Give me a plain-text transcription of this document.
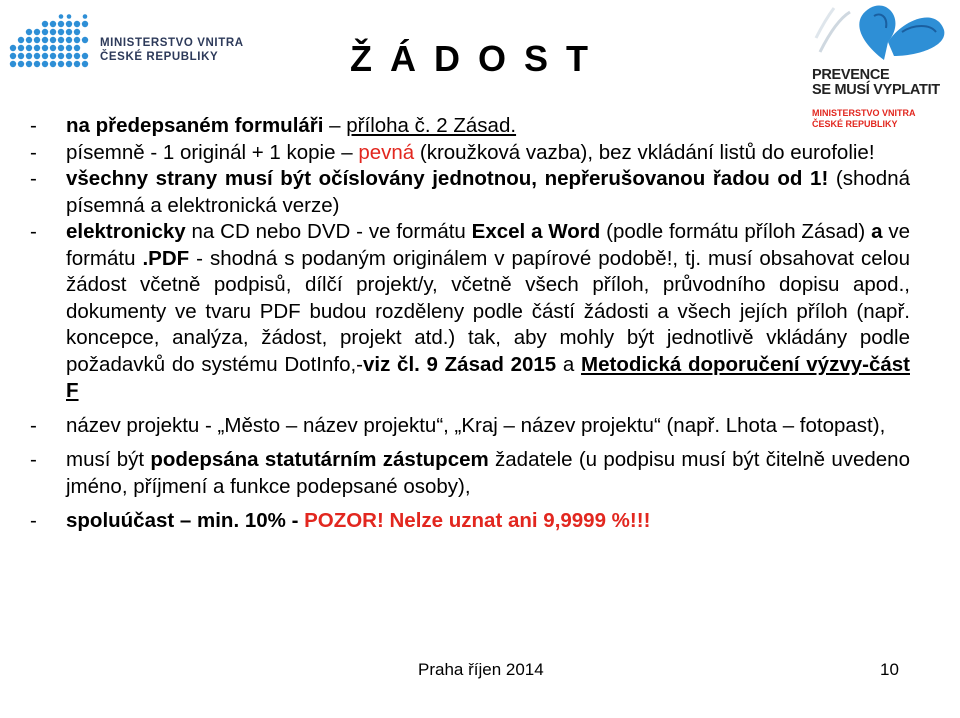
MINISTERSTVO VNITRA
ČESKÉ REPUBLIKY	Ž Á D O S T	PREVENCE
SE MUSÍ VYPLATIT
MINISTERSTVO VNITRA
ČESKÉ REPUBLIKY
- na předepsaném formuláři – příloha č. 2 Zásad.
- písemně - 1 originál + 1 kopie – pevná (kroužková vazba), bez vkládání listů do eurofolie!
- všechny strany musí být očíslovány jednotnou, nepřerušovanou řadou od 1! (shodná písemná a elektronická verze)
- elektronicky na CD nebo DVD - ve formátu Excel a Word (podle formátu příloh Zásad) a ve formátu .PDF - shodná s podaným originálem v papírové podobě!, tj. musí obsahovat celou žádost včetně podpisů, dílčí projekt/y, včetně všech příloh, průvodního dopisu apod., dokumenty ve tvaru PDF budou rozděleny podle částí žádosti a všech jejích příloh (např. koncepce, analýza, žádost, projekt atd.) tak, aby mohly být jednotlivě vkládány podle požadavků do systému DotInfo,-viz čl. 9 Zásad 2015 a Metodická doporučení výzvy-část F
- název projektu - „Město – název projektu“, „Kraj – název projektu“ (např. Lhota – fotopast),
- musí být podepsána statutárním zástupcem žadatele (u podpisu musí být čitelně uvedeno jméno, příjmení a funkce podepsané osoby),
- spoluúčast – min. 10% - POZOR! Nelze uznat ani 9,9999 %!!!
Praha říjen 2014	10
